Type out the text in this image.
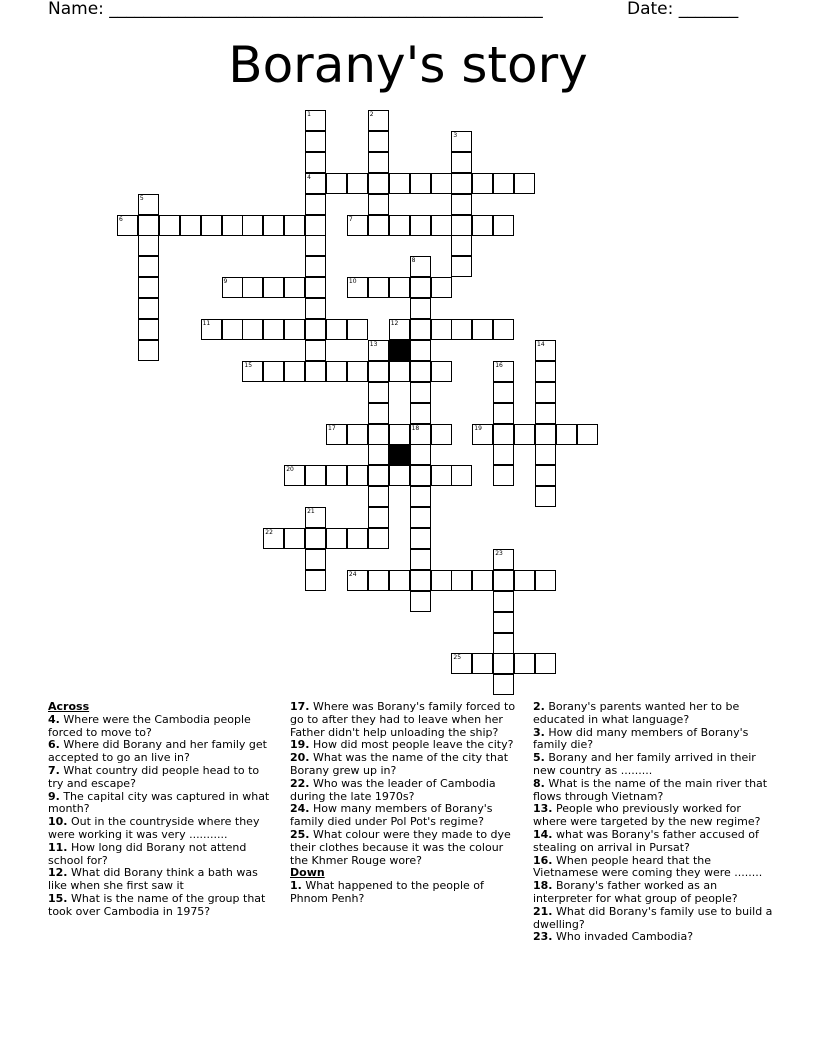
Name: ___________________________________________________	Date: _______
Borany's story
4
6	7
9	10
11	12
15
17	18	19
20
22
24
25
1	2
3
5
8
13	14
16
21
23
Across
4. Where were the Cambodia people forced to move to?
6. Where did Borany and her family get accepted to go an live in?
7. What country did people head to to try and escape?
9. The capital city was captured in what month?
10. Out in the countryside where they were working it was very ...........
11. How long did Borany not attend school for?
12. What did Borany think a bath was like when she first saw it
15. What is the name of the group that took over Cambodia in 1975?
17. Where was Borany's family forced to go to after they had to leave when her Father didn't help unloading the ship?
19. How did most people leave the city?
20. What was the name of the city that Borany grew up in?
22. Who was the leader of Cambodia during the late 1970s?
24. How many members of Borany's family died under Pol Pot's regime?
25. What colour were they made to dye their clothes because it was the colour the Khmer Rouge wore?
Down
1. What happened to the people of Phnom Penh?
2. Borany's parents wanted her to be educated in what language?
3. How did many members of Borany's family die?
5. Borany and her family arrived in their new country as .........
8. What is the name of the main river that flows through Vietnam?
13. People who previously worked for where were targeted by the new regime?
14. what was Borany's father accused of stealing on arrival in Pursat?
16. When people heard that the Vietnamese were coming they were ........
18. Borany's father worked as an interpreter for what group of people?
21. What did Borany's family use to build a dwelling?
23. Who invaded Cambodia?
